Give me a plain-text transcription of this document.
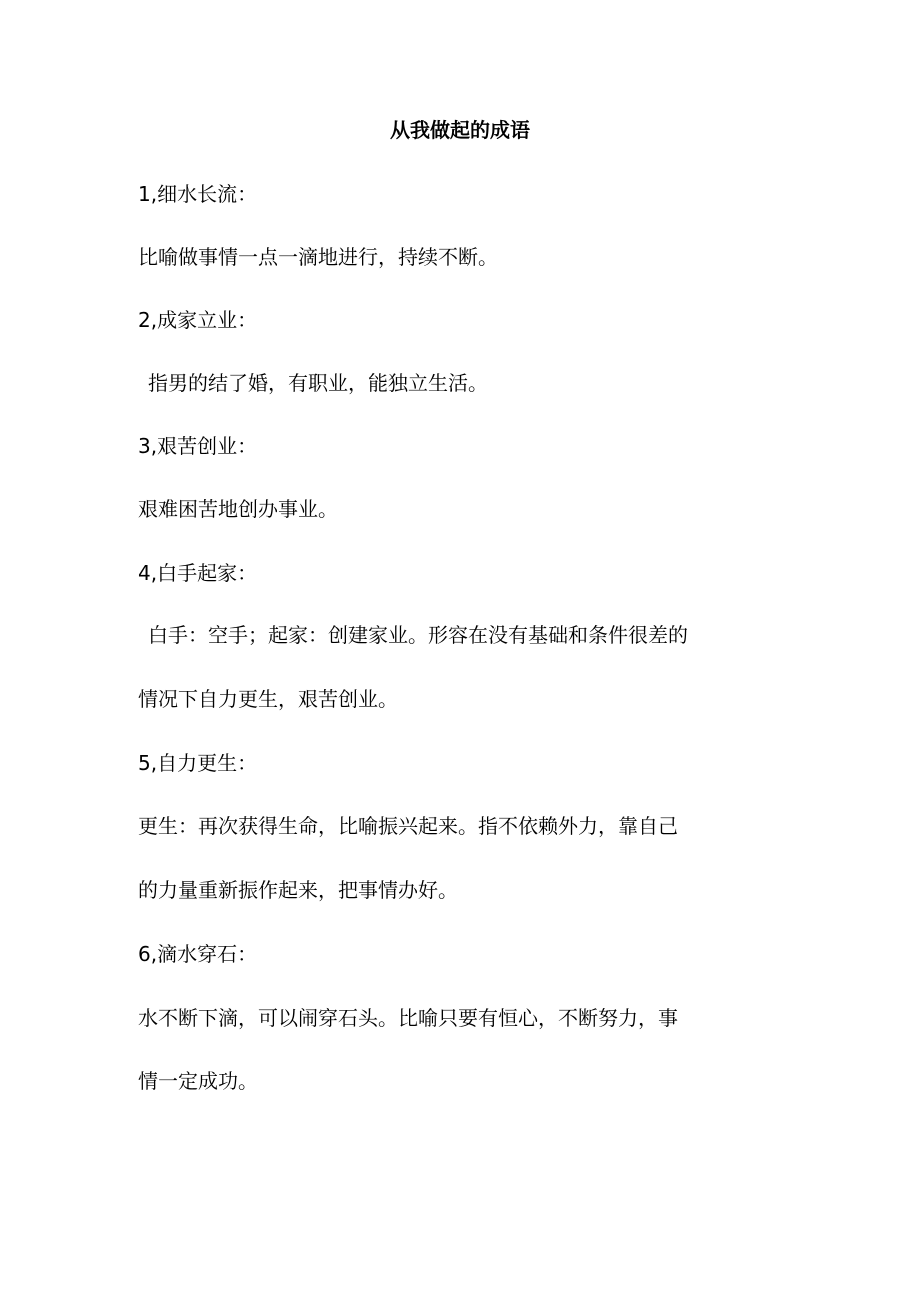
从我做起的成语
1,细水长流：
比喻做事情一点一滴地进行，持续不断。
2,成家立业：
指男的结了婚，有职业，能独立生活。
3,艰苦创业：
艰难困苦地创办事业。
4,白手起家：
白手：空手；起家：创建家业。形容在没有基础和条件很差的
情况下自力更生，艰苦创业。
5,自力更生：
更生：再次获得生命，比喻振兴起来。指不依赖外力，靠自己
的力量重新振作起来，把事情办好。
6,滴水穿石：
水不断下滴，可以闹穿石头。比喻只要有恒心，不断努力，事
情一定成功。
